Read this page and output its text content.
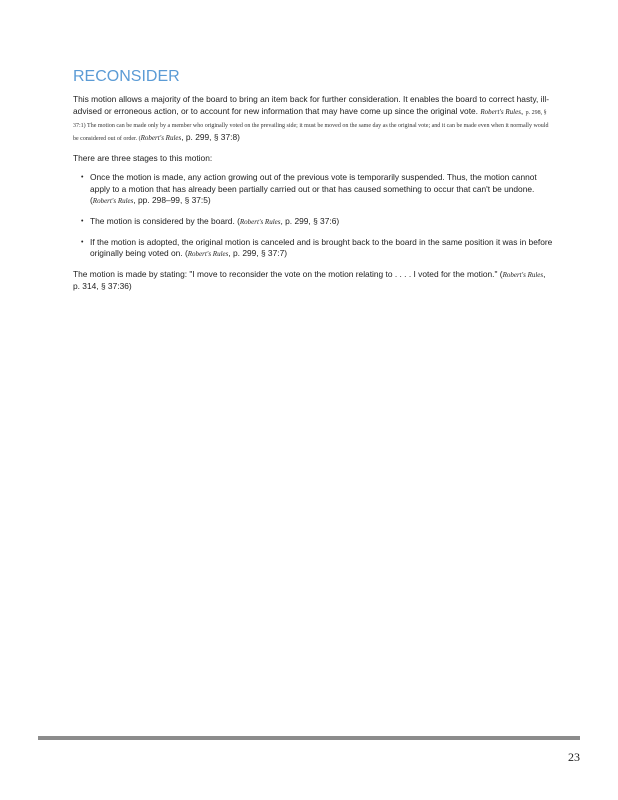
RECONSIDER

This motion allows a majority of the board to bring an item back for further consideration. It enables the board to correct hasty, ill-advised or erroneous action, or to account for new information that may have come up since the original vote. Robert's Rules, p. 298, § 37:1) The motion can be made only by a member who originally voted on the prevailing side; it must be moved on the same day as the original vote; and it can be made even when it normally would be considered out of order. (Robert's Rules, p. 299, § 37:8)

There are three stages to this motion:

• Once the motion is made, any action growing out of the previous vote is temporarily suspended. Thus, the motion cannot apply to a motion that has already been partially carried out or that has caused something to occur that can't be undone. (Robert's Rules, pp. 298–99, § 37:5)
• The motion is considered by the board. (Robert's Rules, p. 299, § 37:6)
• If the motion is adopted, the original motion is canceled and is brought back to the board in the same position it was in before originally being voted on. (Robert's Rules, p. 299, § 37:7)

The motion is made by stating: "I move to reconsider the vote on the motion relating to . . . . I voted for the motion." (Robert's Rules, p. 314, § 37:36)

23
